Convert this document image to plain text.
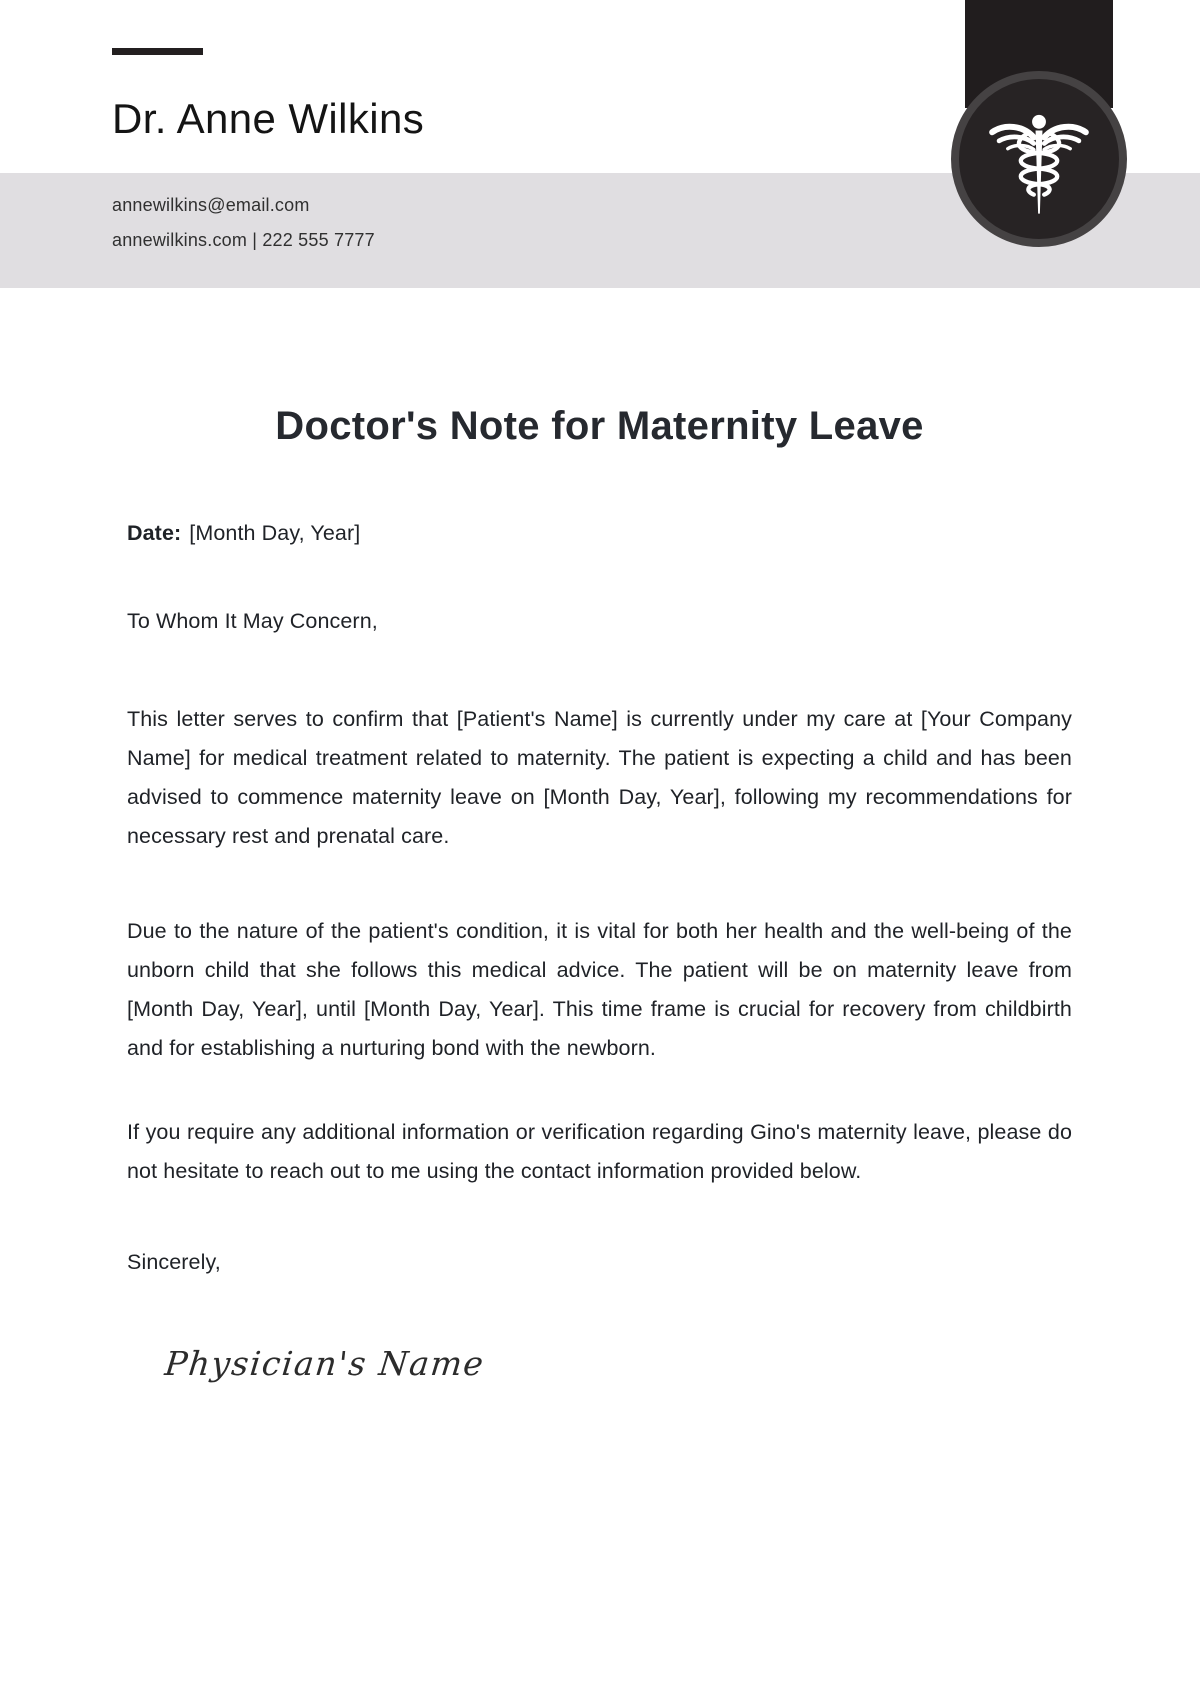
Dr. Anne Wilkins
annewilkins@email.com
annewilkins.com | 222 555 7777
Doctor's Note for Maternity Leave

Date: [Month Day, Year]

To Whom It May Concern,

This letter serves to confirm that [Patient's Name] is currently under my care at [Your Company Name] for medical treatment related to maternity. The patient is expecting a child and has been advised to commence maternity leave on [Month Day, Year], following my recommendations for necessary rest and prenatal care.

Due to the nature of the patient's condition, it is vital for both her health and the well-being of the unborn child that she follows this medical advice. The patient will be on maternity leave from [Month Day, Year], until [Month Day, Year]. This time frame is crucial for recovery from childbirth and for establishing a nurturing bond with the newborn.

If you require any additional information or verification regarding Gino's maternity leave, please do not hesitate to reach out to me using the contact information provided below.

Sincerely,

Physician's Name
